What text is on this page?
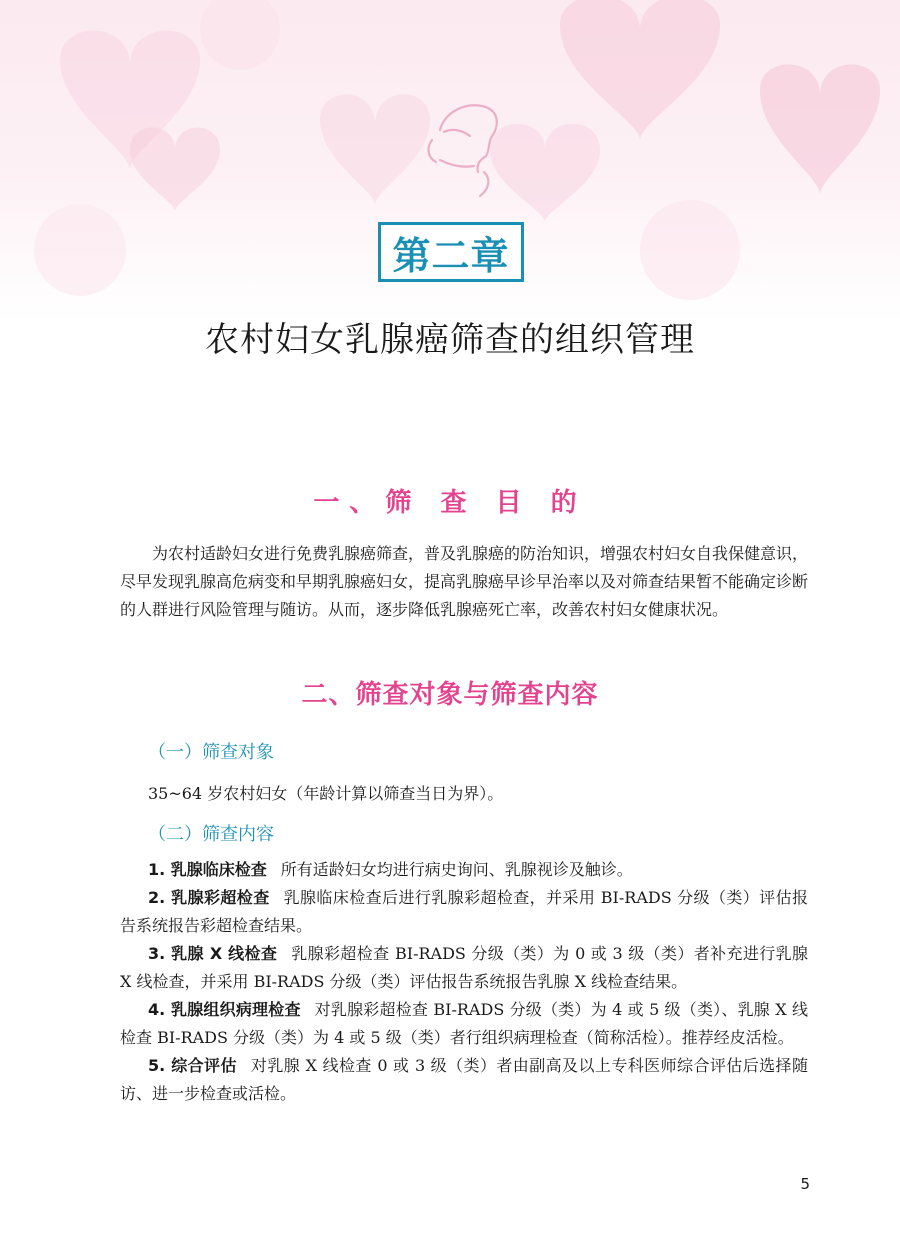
第二章
农村妇女乳腺癌筛查的组织管理
一、筛 查 目 的
为农村适龄妇女进行免费乳腺癌筛查，普及乳腺癌的防治知识，增强农村妇女自我保健意识，尽早发现乳腺高危病变和早期乳腺癌妇女，提高乳腺癌早诊早治率以及对筛查结果暂不能确定诊断的人群进行风险管理与随访。从而，逐步降低乳腺癌死亡率，改善农村妇女健康状况。
二、筛查对象与筛查内容
（一）筛查对象
35~64 岁农村妇女（年龄计算以筛查当日为界）。
（二）筛查内容
1. 乳腺临床检查 所有适龄妇女均进行病史询问、乳腺视诊及触诊。
2. 乳腺彩超检查 乳腺临床检查后进行乳腺彩超检查，并采用 BI-RADS 分级（类）评估报告系统报告彩超检查结果。
3. 乳腺 X 线检查 乳腺彩超检查 BI-RADS 分级（类）为 0 或 3 级（类）者补充进行乳腺 X 线检查，并采用 BI-RADS 分级（类）评估报告系统报告乳腺 X 线检查结果。
4. 乳腺组织病理检查 对乳腺彩超检查 BI-RADS 分级（类）为 4 或 5 级（类）、乳腺 X 线检查 BI-RADS 分级（类）为 4 或 5 级（类）者行组织病理检查（简称活检）。推荐经皮活检。
5. 综合评估 对乳腺 X 线检查 0 或 3 级（类）者由副高及以上专科医师综合评估后选择随访、进一步检查或活检。
5
